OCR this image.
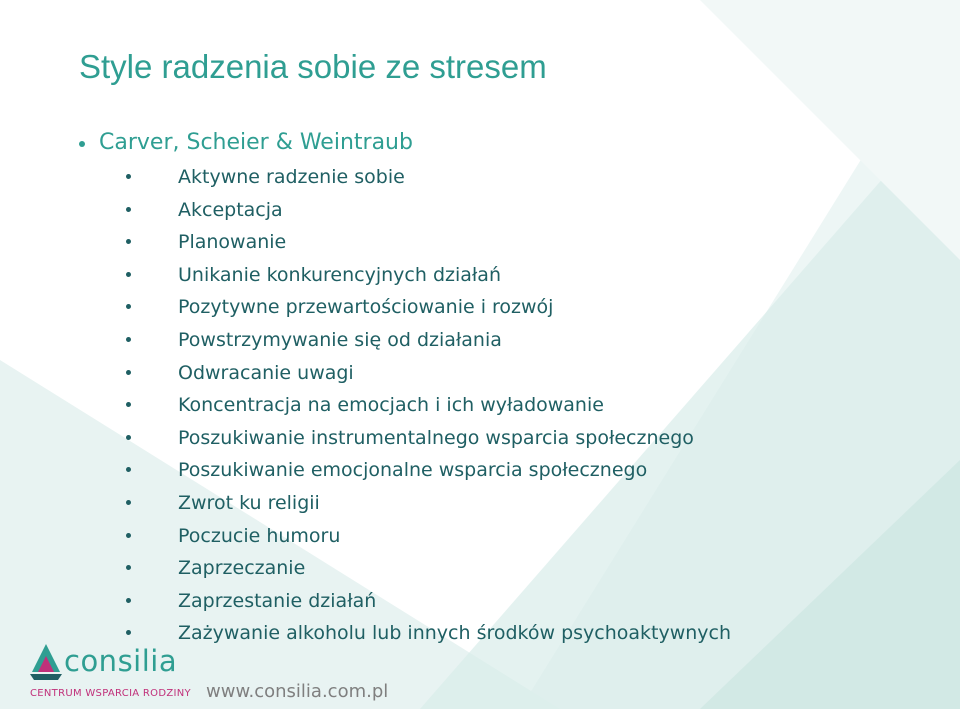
Style radzenia sobie ze stresem
Carver, Scheier & Weintraub
Aktywne radzenie sobie
Akceptacja
Planowanie
Unikanie konkurencyjnych działań
Pozytywne przewartościowanie i rozwój
Powstrzymywanie się od działania
Odwracanie uwagi
Koncentracja na emocjach i ich wyładowanie
Poszukiwanie instrumentalnego wsparcia społecznego
Poszukiwanie emocjonalne wsparcia społecznego
Zwrot ku religii
Poczucie humoru
Zaprzeczanie
Zaprzestanie działań
Zażywanie alkoholu lub innych środków psychoaktywnych
consilia
CENTRUM WSPARCIA RODZINY www.consilia.com.pl
